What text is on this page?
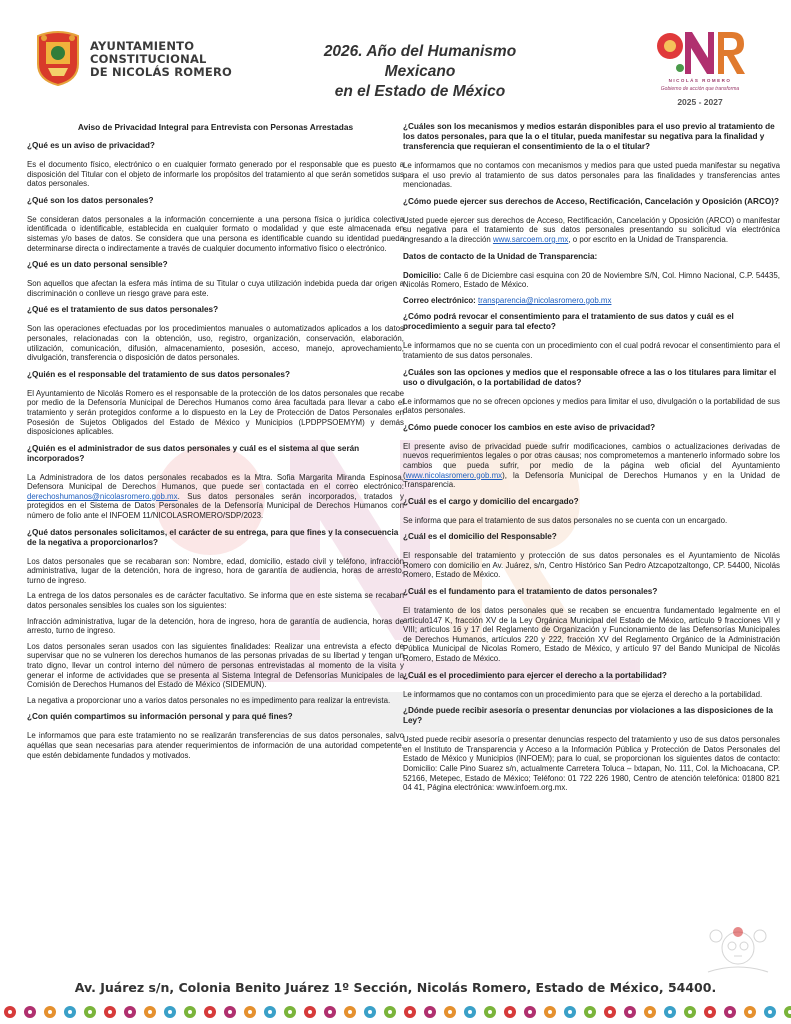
AYUNTAMIENTO
CONSTITUCIONAL
DE NICOLÁS ROMERO
2026. Año del Humanismo Mexicano
en el Estado de México
NICOLÁS ROMERO
Gobierno de acción que transforma
2025 - 2027
Aviso de Privacidad Integral para Entrevista con Personas Arrestadas
¿Qué es un aviso de privacidad?
Es el documento físico, electrónico o en cualquier formato generado por el responsable que es puesto a disposición del Titular con el objeto de informarle los propósitos del tratamiento al que serán sometidos sus datos personales.
¿Qué son los datos personales?
Se consideran datos personales a la información concerniente a una persona física o jurídica colectiva identificada o identificable, establecida en cualquier formato o modalidad y que este almacenada en sistemas y/o bases de datos. Se considera que una persona es identificable cuando su identidad pueda determinarse directa o indirectamente a través de cualquier documento informativo físico o electrónico.
¿Qué es un dato personal sensible?
Son aquellos que afectan la esfera más íntima de su Titular o cuya utilización indebida pueda dar origen a discriminación o conlleve un riesgo grave para este.
¿Qué es el tratamiento de sus datos personales?
Son las operaciones efectuadas por los procedimientos manuales o automatizados aplicados a los datos personales, relacionadas con la obtención, uso, registro, organización, conservación, elaboración, utilización, comunicación, difusión, almacenamiento, posesión, acceso, manejo, aprovechamiento, divulgación, transferencia o disposición de datos personales.
¿Quién es el responsable del tratamiento de sus datos personales?
El Ayuntamiento de Nicolás Romero es el responsable de la protección de los datos personales que recabe por medio de la Defensoría Municipal de Derechos Humanos como área facultada para llevar a cabo el tratamiento y serán protegidos conforme a lo dispuesto en la Ley de Protección de Datos Personales en Posesión de Sujetos Obligados del Estado de México y Municipios (LPDPPSOEMYM) y demás disposiciones aplicables.
¿Quién es el administrador de sus datos personales y cuál es el sistema al que serán incorporados?
La Administradora de los datos personales recabados es la Mtra. Sofia Margarita Miranda Espinosa, Defensora Municipal de Derechos Humanos, que puede ser contactada en el correo electrónico: derechoshumanos@nicolasromero.gob.mx. Sus datos personales serán incorporados, tratados y protegidos en el Sistema de Datos Personales de la Defensoría Municipal de Derechos Humanos con número de folio ante el INFOEM 11/NICOLASROMERO/SDP/2023.
¿Qué datos personales solicitamos, el carácter de su entrega, para que fines y la consecuencia de la negativa a proporcionarlos?
Los datos personales que se recabaran son: Nombre, edad, domicilio, estado civil y teléfono, infracción administrativa, lugar de la detención, hora de ingreso, hora de garantía de audiencia, horas de arresto, turno de ingreso.
La entrega de los datos personales es de carácter facultativo. Se informa que en este sistema se recaban datos personales sensibles los cuales son los siguientes:
Infracción administrativa, lugar de la detención, hora de ingreso, hora de garantía de audiencia, horas de arresto, turno de ingreso.
Los datos personales seran usados con las siguientes finalidades: Realizar una entrevista a efecto de supervisar que no se vulneren los derechos humanos de las personas privadas de su libertad y tengan un trato digno, llevar un control interno del número de personas entrevistadas al momento de la visita y generar el informe de actividades que se presenta al Sistema Integral de Defensorías Municipales de la Comisión de Derechos Humanos del Estado de México (SIDEMUN).
La negativa a proporcionar uno a varios datos personales no es impedimento para realizar la entrevista.
¿Con quién compartimos su información personal y para qué fines?
Le informamos que para este tratamiento no se realizarán transferencias de sus datos personales, salvo aquéllas que sean necesarias para atender requerimientos de información de una autoridad competente, que estén debidamente fundados y motivados.
¿Cuáles son los mecanismos y medios estarán disponibles para el uso previo al tratamiento de los datos personales, para que la o el titular, pueda manifestar su negativa para la finalidad y transferencia que requieran el consentimiento de la o el titular?
Le informamos que no contamos con mecanismos y medios para que usted pueda manifestar su negativa para el uso previo al tratamiento de sus datos personales para las finalidades y transferencias antes mencionadas.
¿Cómo puede ejercer sus derechos de Acceso, Rectificación, Cancelación y Oposición (ARCO)?
Usted puede ejercer sus derechos de Acceso, Rectificación, Cancelación y Oposición (ARCO) o manifestar su negativa para el tratamiento de sus datos personales presentando su solicitud vía electrónica ingresando a la dirección www.sarcoem.org.mx, o por escrito en la Unidad de Transparencia.
Datos de contacto de la Unidad de Transparencia:
Domicilio: Calle 6 de Diciembre casi esquina con 20 de Noviembre S/N, Col. Himno Nacional, C.P. 54435, Nicolás Romero, Estado de México.
Correo electrónico: transparencia@nicolasromero.gob.mx
¿Cómo podrá revocar el consentimiento para el tratamiento de sus datos y cuál es el procedimiento a seguir para tal efecto?
Le informamos que no se cuenta con un procedimiento con el cual podrá revocar el consentimiento para el tratamiento de sus datos personales.
¿Cuáles son las opciones y medios que el responsable ofrece a las o los titulares para limitar el uso o divulgación, o la portabilidad de datos?
Le informamos que no se ofrecen opciones y medios para limitar el uso, divulgación o la portabilidad de sus datos personales.
¿Cómo puede conocer los cambios en este aviso de privacidad?
El presente aviso de privacidad puede sufrir modificaciones, cambios o actualizaciones derivadas de nuevos requerimientos legales o por otras causas; nos comprometemos a mantenerlo informado sobre los cambios que pueda sufrir, por medio de la página web oficial del Ayuntamiento (www.nicolasromero.gob.mx), la Defensoría Municipal de Derechos Humanos y en la Unidad de Transparencia.
¿Cuál es el cargo y domicilio del encargado?
Se informa que para el tratamiento de sus datos personales no se cuenta con un encargado.
¿Cuál es el domicilio del Responsable?
El responsable del tratamiento y protección de sus datos personales es el Ayuntamiento de Nicolás Romero con domicilio en Av. Juárez, s/n, Centro Histórico San Pedro Atzcapotzaltongo, CP. 54400, Nicolás Romero, Estado de México.
¿Cuál es el fundamento para el tratamiento de datos personales?
El tratamiento de los datos personales que se recaben se encuentra fundamentado legalmente en el artículo147 K, fracción XV de la Ley Orgánica Municipal del Estado de México, artículo 9 fracciones VII y VIII; artículos 16 y 17 del Reglamento de Organización y Funcionamiento de las Defensorías Municipales de Derechos Humanos, artículos 220 y 222, fracción XV del Reglamento Orgánico de la Administración Pública Municipal de Nicolas Romero, Estado de México, y artículo 97 del Bando Municipal de Nicolás Romero, Estado de México.
¿Cuál es el procedimiento para ejercer el derecho a la portabilidad?
Le informamos que no contamos con un procedimiento para que se ejerza el derecho a la portabilidad.
¿Dónde puede recibir asesoría o presentar denuncias por violaciones a las disposiciones de la Ley?
Usted puede recibir asesoría o presentar denuncias respecto del tratamiento y uso de sus datos personales en el Instituto de Transparencia y Acceso a la Información Pública y Protección de Datos Personales del Estado de México y Municipios (INFOEM); para lo cual, se proporcionan los siguientes datos de contacto: Domicilio: Calle Pino Suarez s/n, actualmente Carretera Toluca – Ixtapan, No. 111, Col. la Michoacana, CP. 52166, Metepec, Estado de México; Teléfono: 01 722 226 1980, Centro de atención telefónica: 01800 821 04 41, Página electrónica: www.infoem.org.mx.
Av. Juárez s/n, Colonia Benito Juárez 1º Sección, Nicolás Romero, Estado de México, 54400.
